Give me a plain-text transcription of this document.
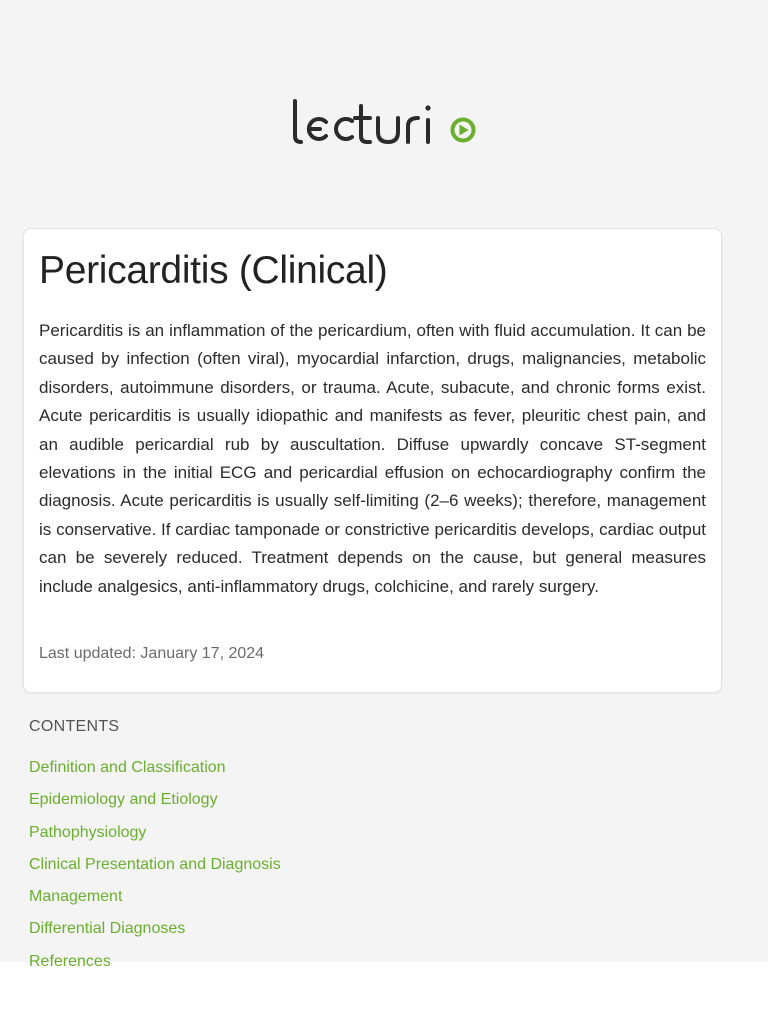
Pericarditis (Clinical)

Pericarditis is an inflammation of the pericardium, often with fluid accumulation. It can be caused by infection (often viral), myocardial infarction, drugs, malignancies, metabolic disorders, autoimmune disorders, or trauma. Acute, subacute, and chronic forms exist. Acute pericarditis is usually idiopathic and manifests as fever, pleuritic chest pain, and an audible pericardial rub by auscultation. Diffuse upwardly concave ST-segment elevations in the initial ECG and pericardial effusion on echocardiography confirm the diagnosis. Acute pericarditis is usually self-limiting (2–6 weeks); therefore, management is conservative. If cardiac tamponade or constrictive pericarditis develops, cardiac output can be severely reduced. Treatment depends on the cause, but general measures include analgesics, anti-inflammatory drugs, colchicine, and rarely surgery.

Last updated: January 17, 2024
CONTENTS
Definition and Classification
Epidemiology and Etiology
Pathophysiology
Clinical Presentation and Diagnosis
Management
Differential Diagnoses
References
